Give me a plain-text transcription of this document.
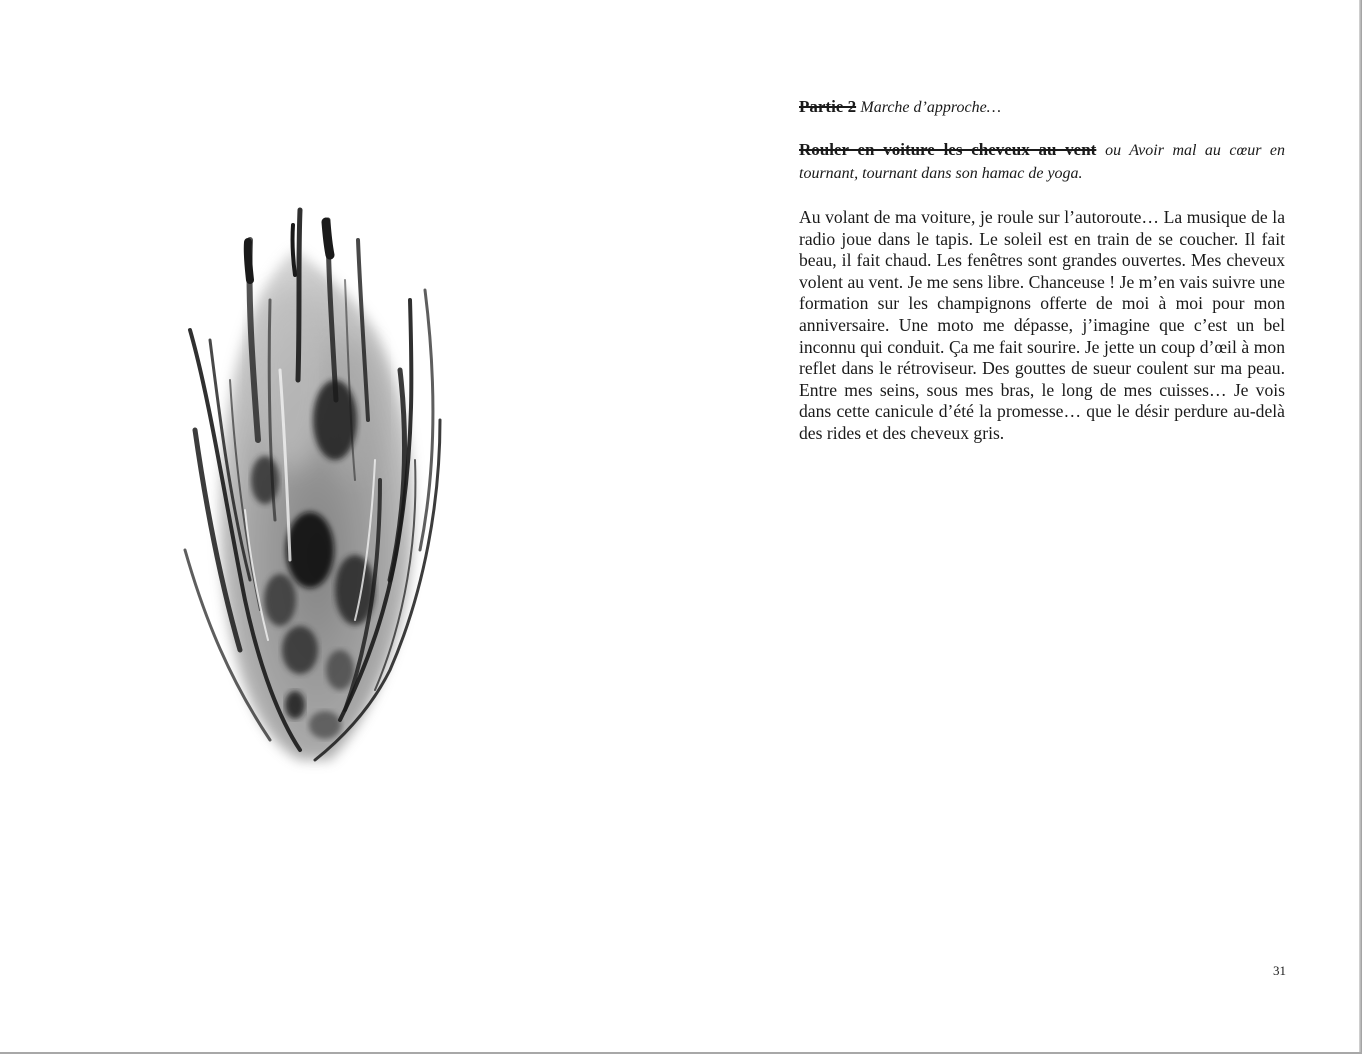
Partie 2 Marche d’approche…

Rouler en voiture les cheveux au vent ou Avoir mal au cœur en tournant, tournant dans son hamac de yoga.

Au volant de ma voiture, je roule sur l’autoroute… La musique de la radio joue dans le tapis. Le soleil est en train de se coucher. Il fait beau, il fait chaud. Les fenêtres sont grandes ouvertes. Mes cheveux volent au vent. Je me sens libre. Chanceuse ! Je m’en vais suivre une formation sur les champignons offerte de moi à moi pour mon anniversaire. Une moto me dépasse, j’imagine que c’est un bel inconnu qui conduit. Ça me fait sourire. Je jette un coup d’œil à mon reflet dans le rétroviseur. Des gouttes de sueur coulent sur ma peau. Entre mes seins, sous mes bras, le long de mes cuisses… Je vois dans cette canicule d’été la promesse… que le désir perdure au-delà des rides et des cheveux gris.

31
